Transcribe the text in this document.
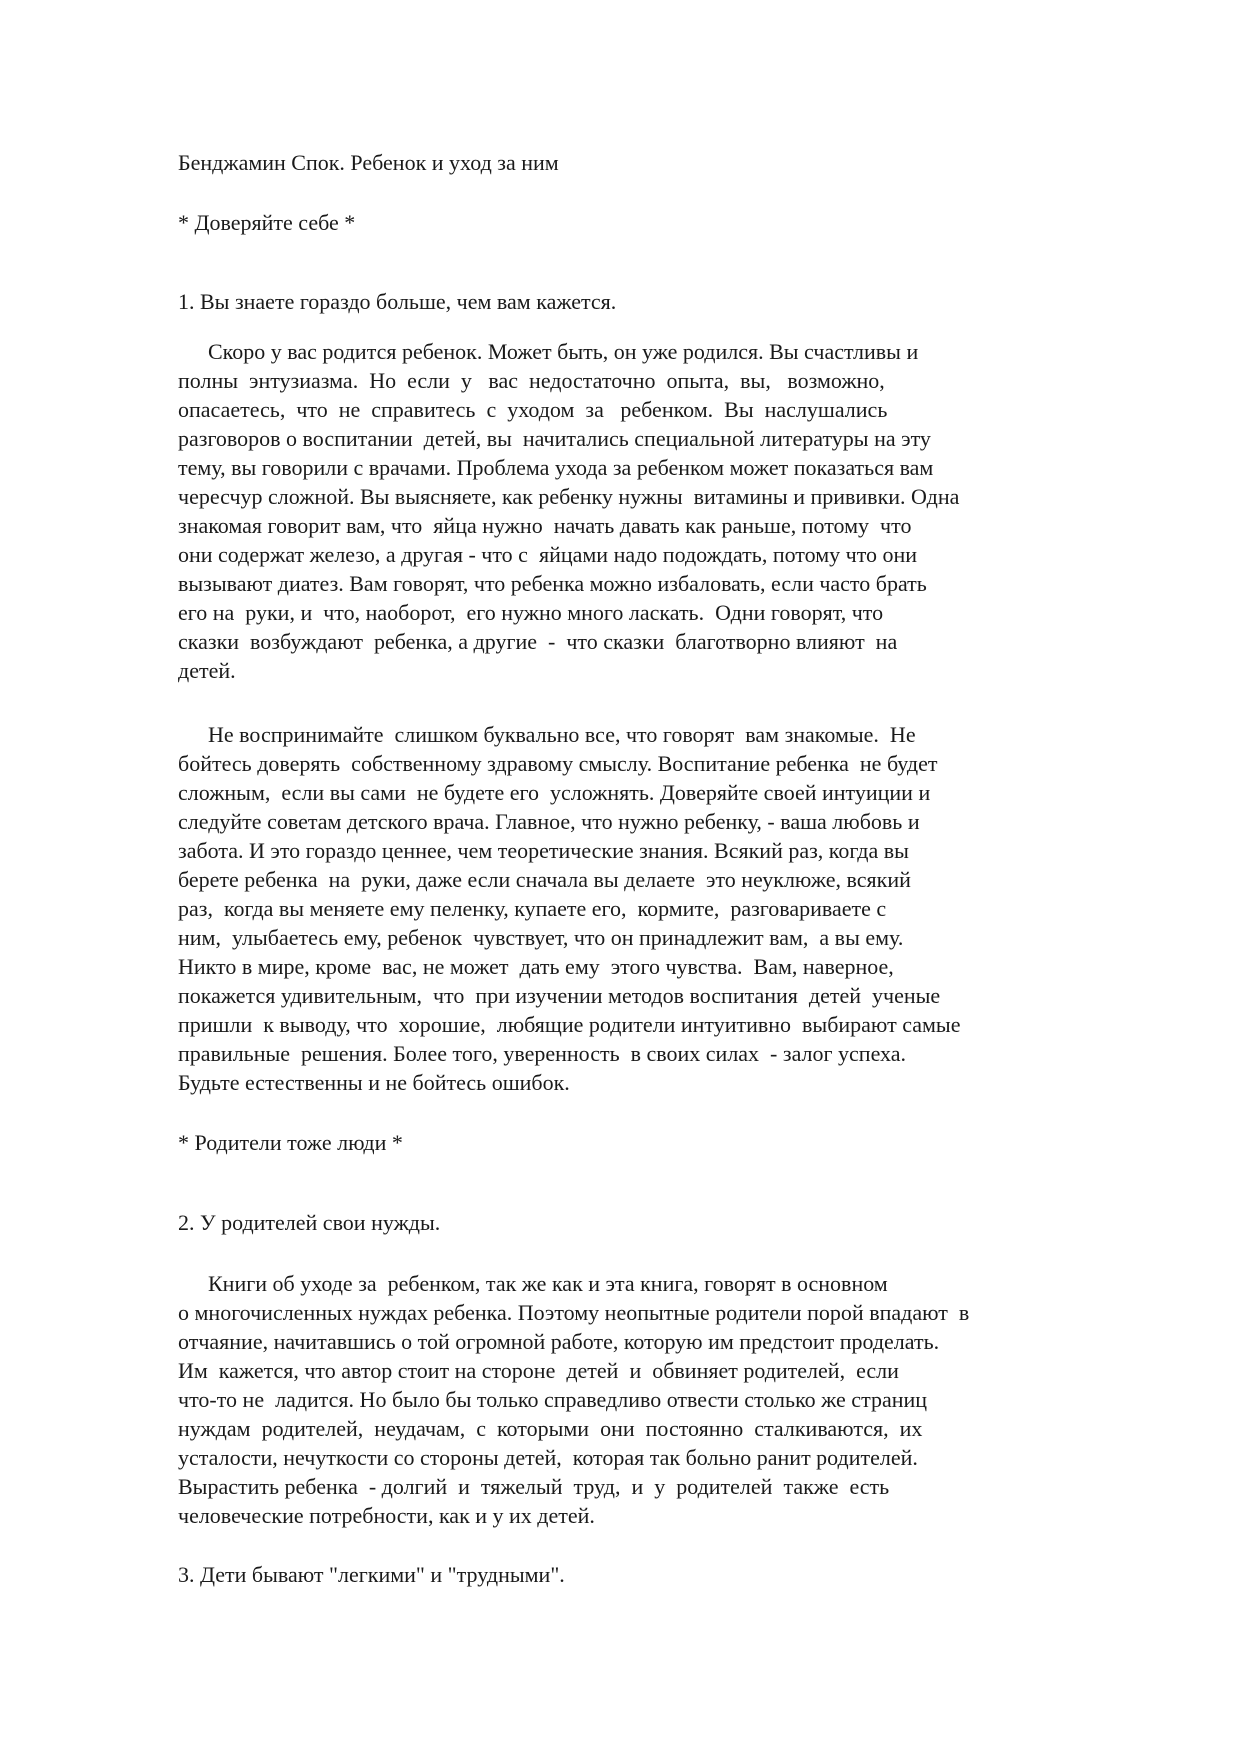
Бенджамин Спок. Ребенок и уход за ним
* Доверяйте себе *
1. Вы знаете гораздо больше, чем вам кажется.
Скоро у вас родится ребенок. Может быть, он уже родился. Вы счастливы и
полны  энтузиазма.  Но  если  у   вас  недостаточно  опыта,  вы,   возможно,
опасаетесь,  что  не  справитесь  с  уходом  за   ребенком.  Вы  наслушались
разговоров о воспитании  детей, вы  начитались специальной литературы на эту
тему, вы говорили с врачами. Проблема ухода за ребенком может показаться вам
чересчур сложной. Вы выясняете, как ребенку нужны  витамины и прививки. Одна
знакомая говорит вам, что  яйца нужно  начать давать как раньше, потому  что
они содержат железо, а другая - что с  яйцами надо подождать, потому что они
вызывают диатез. Вам говорят, что ребенка можно избаловать, если часто брать
его на  руки, и  что, наоборот,  его нужно много ласкать.  Одни говорят, что
сказки  возбуждают  ребенка, а другие  -  что сказки  благотворно влияют  на
детей.
Не воспринимайте  слишком буквально все, что говорят  вам знакомые.  Не
бойтесь доверять  собственному здравому смыслу. Воспитание ребенка  не будет
сложным,  если вы сами  не будете его  усложнять. Доверяйте своей интуиции и
следуйте советам детского врача. Главное, что нужно ребенку, - ваша любовь и
забота. И это гораздо ценнее, чем теоретические знания. Всякий раз, когда вы
берете ребенка  на  руки, даже если сначала вы делаете  это неуклюже, всякий
раз,  когда вы меняете ему пеленку, купаете его,  кормите,  разговариваете с
ним,  улыбаетесь ему, ребенок  чувствует, что он принадлежит вам,  а вы ему.
Никто в мире, кроме  вас, не может  дать ему  этого чувства.  Вам, наверное,
покажется удивительным,  что  при изучении методов воспитания  детей  ученые
пришли  к выводу, что  хорошие,  любящие родители интуитивно  выбирают самые
правильные  решения. Более того, уверенность  в своих силах  - залог успеха.
Будьте естественны и не бойтесь ошибок.
* Родители тоже люди *
2. У родителей свои нужды.
Книги об уходе за  ребенком, так же как и эта книга, говорят в основном
о многочисленных нуждах ребенка. Поэтому неопытные родители порой впадают  в
отчаяние, начитавшись о той огромной работе, которую им предстоит проделать.
Им  кажется, что автор стоит на стороне  детей  и  обвиняет родителей,  если
что-то не  ладится. Но было бы только справедливо отвести столько же страниц
нуждам  родителей,  неудачам,  с  которыми  они  постоянно  сталкиваются,  их
усталости, нечуткости со стороны детей,  которая так больно ранит родителей.
Вырастить ребенка  - долгий  и  тяжелый  труд,  и  у  родителей  также  есть
человеческие потребности, как и у их детей.
3. Дети бывают "легкими" и "трудными".
